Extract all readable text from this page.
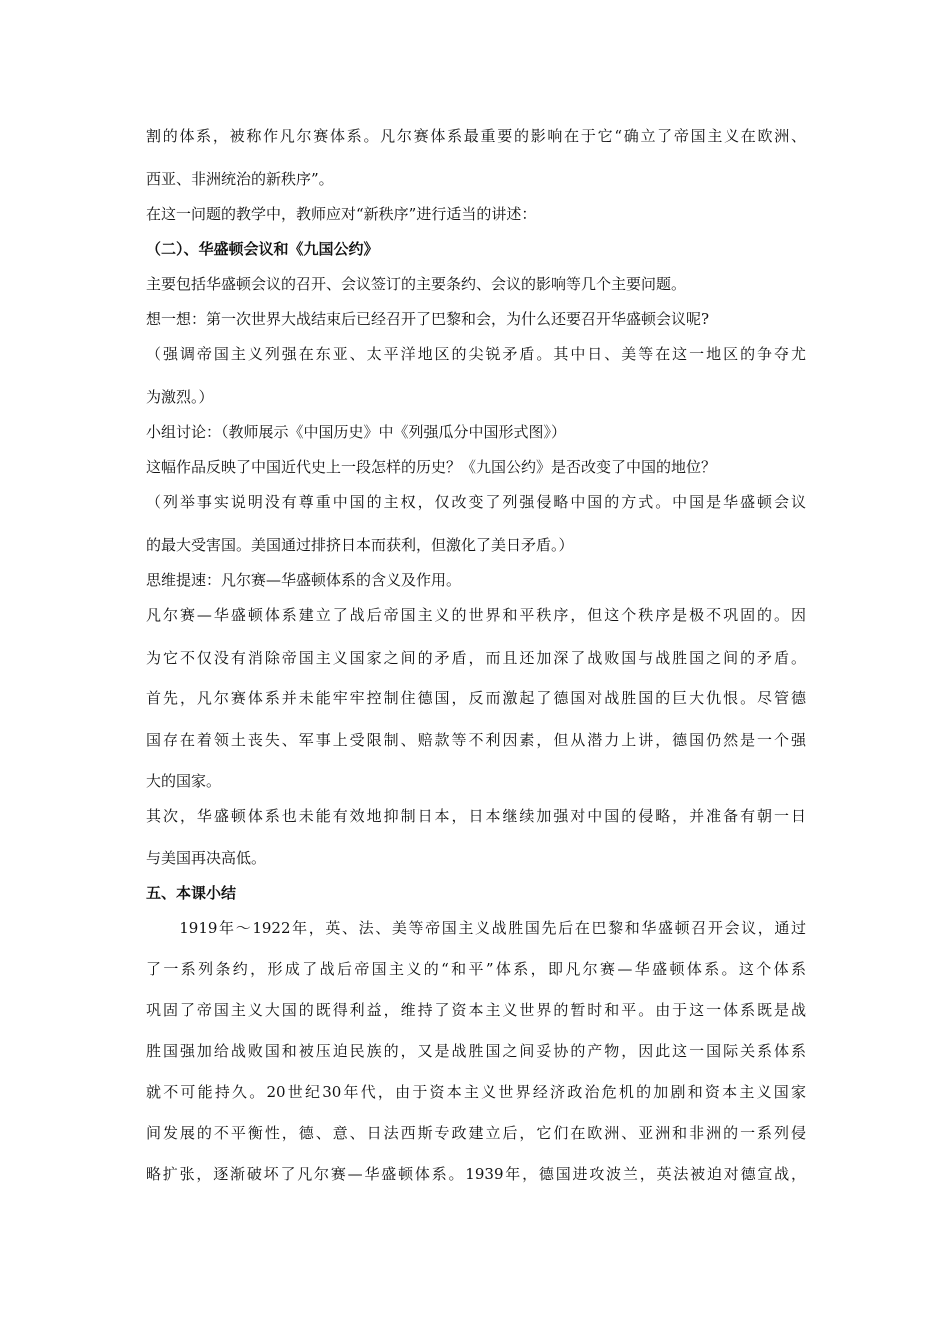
割的体系，被称作凡尔赛体系。凡尔赛体系最重要的影响在于它“确立了帝国主义在欧洲、
西亚、非洲统治的新秩序”。
在这一问题的教学中，教师应对“新秩序”进行适当的讲述：
（二）、华盛顿会议和《九国公约》
主要包括华盛顿会议的召开、会议签订的主要条约、会议的影响等几个主要问题。
想一想：第一次世界大战结束后已经召开了巴黎和会，为什么还要召开华盛顿会议呢?
（强调帝国主义列强在东亚、太平洋地区的尖锐矛盾。其中日、美等在这一地区的争夺尤
为激烈。）
小组讨论：（教师展示《中国历史》中《列强瓜分中国形式图》）
这幅作品反映了中国近代史上一段怎样的历史？《九国公约》是否改变了中国的地位？
（列举事实说明没有尊重中国的主权，仅改变了列强侵略中国的方式。中国是华盛顿会议
的最大受害国。美国通过排挤日本而获利，但激化了美日矛盾。）
思维提速：凡尔赛—华盛顿体系的含义及作用。
凡尔赛—华盛顿体系建立了战后帝国主义的世界和平秩序，但这个秩序是极不巩固的。因
为它不仅没有消除帝国主义国家之间的矛盾，而且还加深了战败国与战胜国之间的矛盾。
首先，凡尔赛体系并未能牢牢控制住德国，反而激起了德国对战胜国的巨大仇恨。尽管德
国存在着领土丧失、军事上受限制、赔款等不利因素，但从潜力上讲，德国仍然是一个强
大的国家。
其次，华盛顿体系也未能有效地抑制日本，日本继续加强对中国的侵略，并准备有朝一日
与美国再决高低。
五、本课小结
　　1919年～1922年，英、法、美等帝国主义战胜国先后在巴黎和华盛顿召开会议，通过
了一系列条约，形成了战后帝国主义的“和平”体系，即凡尔赛—华盛顿体系。这个体系
巩固了帝国主义大国的既得利益，维持了资本主义世界的暂时和平。由于这一体系既是战
胜国强加给战败国和被压迫民族的，又是战胜国之间妥协的产物，因此这一国际关系体系
就不可能持久。20世纪30年代，由于资本主义世界经济政治危机的加剧和资本主义国家
间发展的不平衡性，德、意、日法西斯专政建立后，它们在欧洲、亚洲和非洲的一系列侵
略扩张，逐渐破坏了凡尔赛—华盛顿体系。1939年，德国进攻波兰，英法被迫对德宣战，
